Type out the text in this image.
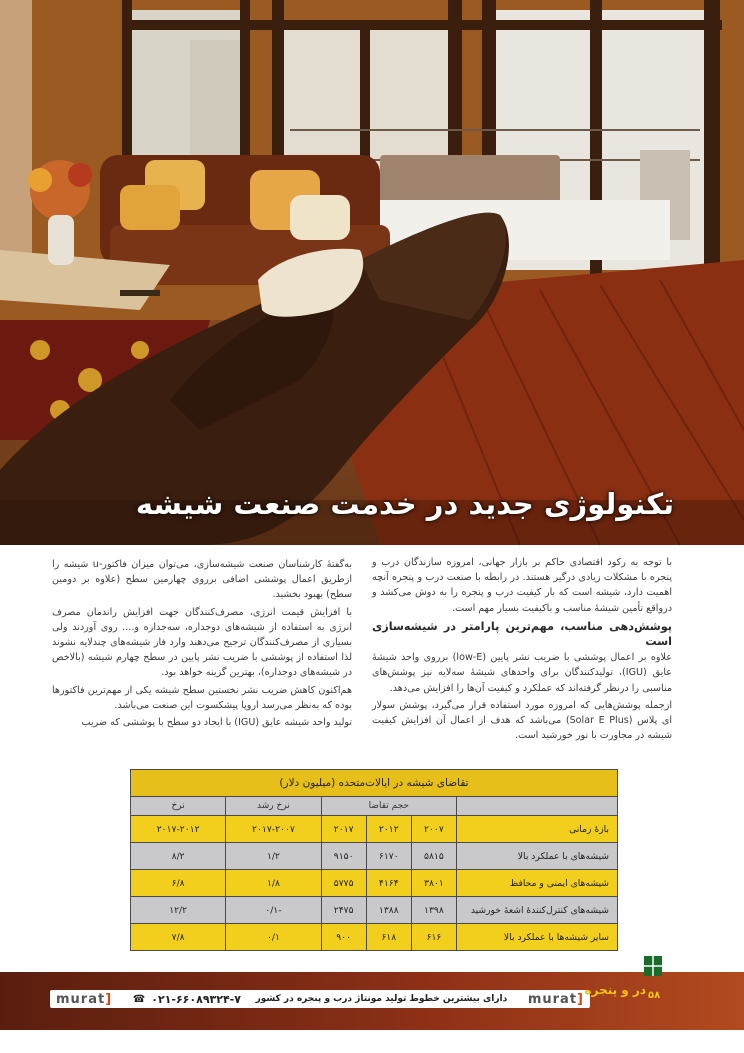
تکنولوژی جدید در خدمت صنعت شیشه

با توجه به رکود اقتصادی حاکم بر بازار جهانی، امروزه سازندگان درب و پنجره با مشکلات زیادی درگیر هستند. در رابطه با صنعت درب و پنجره آنچه اهمیت دارد، شیشه است که بار کیفیت درب و پنجره را به دوش می‌کشد و درواقع تأمین شیشهٔ مناسب و باکیفیت بسیار مهم است.

پوشش‌دهی مناسب، مهم‌ترین پارامتر در شیشه‌سازی است

علاوه بر اعمال پوششی با ضریب نشر پایین (low-E) برروی واحد شیشهٔ عایق (IGU)، تولیدکنندگان برای واحدهای شیشهٔ سه‌لایه نیز پوشش‌های مناسبی را درنظر گرفته‌اند که عملکرد و کیفیت آن‌ها را افزایش می‌دهد.

ازجمله پوشش‌هایی که امروزه مورد استفاده قرار می‌گیرد، پوشش سولار ای پلاس (Solar E Plus) می‌باشد که هدف از اعمال آن افزایش کیفیت شیشه در مجاورت با نور خورشید است.

به‌گفتهٔ کارشناسان صنعت شیشه‌سازی، می‌توان میزان فاکتور-u شیشه را ازطریق اعمال پوششی اضافی برروی چهارمین سطح (علاوه بر دومین سطح) بهبود بخشید.

با افزایش قیمت انرژی، مصرف‌کنندگان جهت افزایش راندمان مصرف انرژی به استفاده از شیشه‌های دوجداره، سه‌جداره و.... روی آوردند ولی بسیاری از مصرف‌کنندگان ترجیح می‌دهند وارد فاز شیشه‌های چندلایه نشوند لذا استفاده از پوششی با ضریب نشر پایین در سطح چهارم شیشه (بالاخص در شیشه‌های دوجداره)، بهترین گزینه خواهد بود.

هم‌اکنون کاهش ضریب نشر نخستین سطح شیشه یکی از مهم‌ترین فاکتورها بوده که به‌نظر می‌رسد اروپا پیشکسوت این صنعت می‌باشد.

تولید واحد شیشه عایق (IGU) با ایجاد دو سطح با پوششی که ضریب

تقاضای شیشه در ایالات‌متحده (میلیون دلار)					
	حجم تقاضا			نرخ رشد	نرخ
بازهٔ زمانی	۲۰۰۷	۲۰۱۲	۲۰۱۷	۲۰۱۷-۲۰۰۷	۲۰۱۷-۲۰۱۲
شیشه‌های با عملکرد بالا	۵۸۱۵	۶۱۷۰	۹۱۵۰	۱/۲	۸/۲
شیشه‌های ایمنی و محافظ	۳۸۰۱	۴۱۶۴	۵۷۷۵	۱/۸	۶/۸
شیشه‌های کنترل‌کنندهٔ اشعهٔ خورشید	۱۳۹۸	۱۳۸۸	۲۴۷۵	-۰/۱	۱۲/۲
سایر شیشه‌ها با عملکرد بالا	۶۱۶	۶۱۸	۹۰۰	۰/۱	۷/۸
murat]	☎ ۰۲۱-۶۶۰۸۹۳۲۴-۷ دارای بیشترین خطوط تولید مونتاژ درب و پنجره در کشور	murat]
در و پنجره ۵۸
